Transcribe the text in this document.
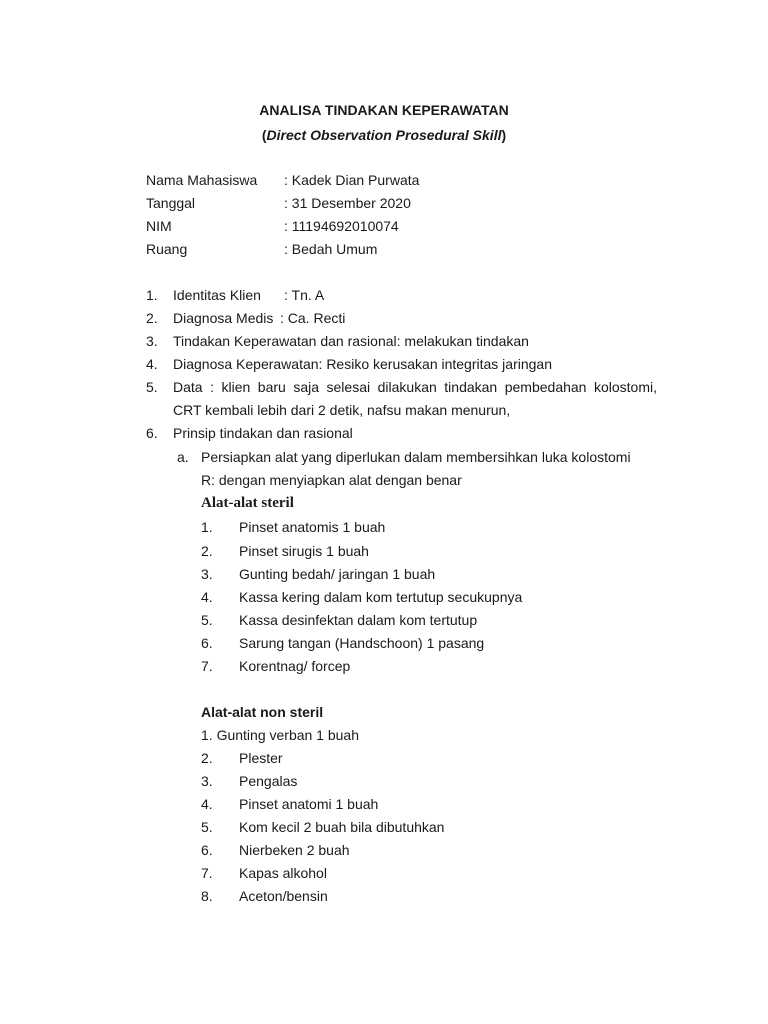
ANALISA TINDAKAN KEPERAWATAN
(Direct Observation Prosedural Skill)
Nama Mahasiswa : Kadek Dian Purwata
Tanggal	: 31 Desember 2020
NIM	: 11194692010074
Ruang	: Bedah Umum
1. Identitas Klien : Tn. A
2. Diagnosa Medis : Ca. Recti
3. Tindakan Keperawatan dan rasional: melakukan tindakan
4. Diagnosa Keperawatan: Resiko kerusakan integritas jaringan
5. Data : klien baru saja selesai dilakukan tindakan pembedahan kolostomi,
CRT kembali lebih dari 2 detik, nafsu makan menurun,
6. Prinsip tindakan dan rasional
a. Persiapkan alat yang diperlukan dalam membersihkan luka kolostomi
R: dengan menyiapkan alat dengan benar
Alat-alat steril
1. Pinset anatomis 1 buah
2. Pinset sirugis 1 buah
3. Gunting bedah/ jaringan 1 buah
4. Kassa kering dalam kom tertutup secukupnya
5. Kassa desinfektan dalam kom tertutup
6. Sarung tangan (Handschoon) 1 pasang
7. Korentnag/ forcep
Alat-alat non steril
1. Gunting verban 1 buah
2. Plester
3. Pengalas
4. Pinset anatomi 1 buah
5. Kom kecil 2 buah bila dibutuhkan
6. Nierbeken 2 buah
7. Kapas alkohol
8. Aceton/bensin
